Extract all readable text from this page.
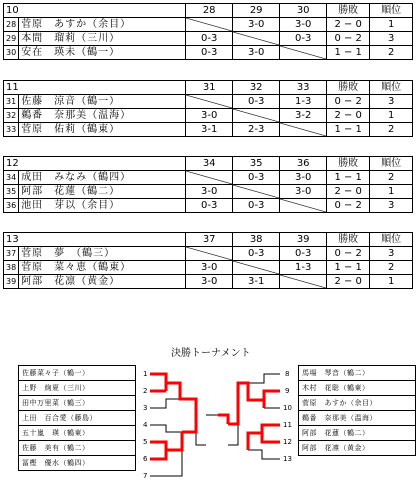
10		28	29	30	勝敗	順位
28	菅原　あすか（余目）		3-0	3-0	2 − 0	1
29	本間　瑠莉（三川）	0-3		0-3	0 − 2	3
30	安在　瑛未（鶴一）	0-3	3-0		1 − 1	2
11		31	32	33	勝敗	順位
31	佐藤　涼音（鶴一）		0-3	1-3	0 − 2	3
32	鵜番　奈那美（温海）	3-0		3-2	2 − 0	1
33	菅原　佑莉（鶴東）	3-1	2-3		1 − 1	2
12		34	35	36	勝敗	順位
34	成田　みなみ（鶴四）		0-3	3-0	1 − 1	2
35	阿部　花蓮（鶴二）	3-0		3-0	2 − 0	1
36	池田　芽以（余目）	0-3	0-3		0 − 2	3
13		37	38	39	勝敗	順位
37	菅原　夢　（鶴三）		0-3	0-3	0 − 2	3
38	菅原　菜々恵（鶴東）	3-0		1-3	1 − 1	2
39	阿部　花凛（黄金）	3-0	3-1		2 − 0	1
決勝トーナメント
佐藤菜々子（鶴一）
上野　絢夏（三川）
田中万里菜（鶴三）
上田　百合愛（藤島）
五十嵐　瑛（鶴東）
佐藤　美有（鶴二）
冨樫　優水（鶴四）
馬場　琴音（鶴二）
木村　花聡（鶴東）
菅原　あすか（余目）
鵜番　奈那美（温海）
阿部　花蓮（鶴二）
阿部　花凛（黄金）
1
2
3
4
5
6
7
8
9
10
11
12
13
